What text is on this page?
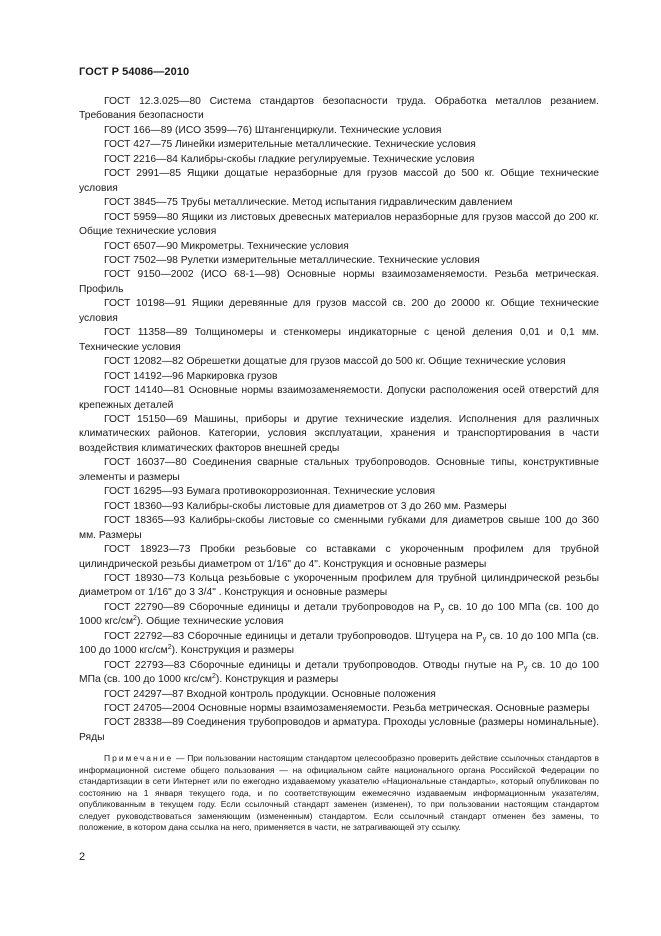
ГОСТ Р 54086—2010

ГОСТ 12.3.025—80 Система стандартов безопасности труда. Обработка металлов резанием. Требования безопасности

ГОСТ 166—89 (ИСО 3599—76) Штангенциркули. Технические условия

ГОСТ 427—75 Линейки измерительные металлические. Технические условия

ГОСТ 2216—84 Калибры-скобы гладкие регулируемые. Технические условия

ГОСТ 2991—85 Ящики дощатые неразборные для грузов массой до 500 кг. Общие технические условия

ГОСТ 3845—75 Трубы металлические. Метод испытания гидравлическим давлением

ГОСТ 5959—80 Ящики из листовых древесных материалов неразборные для грузов массой до 200 кг. Общие технические условия

ГОСТ 6507—90 Микрометры. Технические условия

ГОСТ 7502—98 Рулетки измерительные металлические. Технические условия

ГОСТ 9150—2002 (ИСО 68-1—98) Основные нормы взаимозаменяемости. Резьба метрическая. Профиль

ГОСТ 10198—91 Ящики деревянные для грузов массой св. 200 до 20000 кг. Общие технические условия

ГОСТ 11358—89 Толщиномеры и стенкомеры индикаторные с ценой деления 0,01 и 0,1 мм. Технические условия

ГОСТ 12082—82 Обрешетки дощатые для грузов массой до 500 кг. Общие технические условия

ГОСТ 14192—96 Маркировка грузов

ГОСТ 14140—81 Основные нормы взаимозаменяемости. Допуски расположения осей отверстий для крепежных деталей

ГОСТ 15150—69 Машины, приборы и другие технические изделия. Исполнения для различных климатических районов. Категории, условия эксплуатации, хранения и транспортирования в части воздействия климатических факторов внешней среды

ГОСТ 16037—80 Соединения сварные стальных трубопроводов. Основные типы, конструктивные элементы и размеры

ГОСТ 16295—93 Бумага противокоррозионная. Технические условия

ГОСТ 18360—93 Калибры-скобы листовые для диаметров от 3 до 260 мм. Размеры

ГОСТ 18365—93 Калибры-скобы листовые со сменными губками для диаметров свыше 100 до 360 мм. Размеры

ГОСТ 18923—73 Пробки резьбовые со вставками с укороченным профилем для трубной цилиндрической резьбы диаметром от 1/16" до 4". Конструкция и основные размеры

ГОСТ 18930—73 Кольца резьбовые с укороченным профилем для трубной цилиндрической резьбы диаметром от 1/16" до 3 3/4" . Конструкция и основные размеры

ГОСТ 22790—89 Сборочные единицы и детали трубопроводов на $Р_у$ св. 10 до 100 МПа (св. 100 до 1000 кгс/$см^2$). Общие технические условия

ГОСТ 22792—83 Сборочные единицы и детали трубопроводов. Штуцера на $Р_у$ св. 10 до 100 МПа (св. 100 до 1000 кгс/$см^2$). Конструкция и размеры

ГОСТ 22793—83 Сборочные единицы и детали трубопроводов. Отводы гнутые на $Р_у$ св. 10 до 100 МПа (св. 100 до 1000 кгс/$см^2$). Конструкция и размеры

ГОСТ 24297—87 Входной контроль продукции. Основные положения

ГОСТ 24705—2004 Основные нормы взаимозаменяемости. Резьба метрическая. Основные размеры

ГОСТ 28338—89 Соединения трубопроводов и арматура. Проходы условные (размеры номинальные). Ряды

Примечание — При пользовании настоящим стандартом целесообразно проверить действие ссылочных стандартов в информационной системе общего пользования — на официальном сайте национального органа Российской Федерации по стандартизации в сети Интернет или по ежегодно издаваемому указателю «Национальные стандарты», который опубликован по состоянию на 1 января текущего года, и по соответствующим ежемесячно издаваемым информационным указателям, опубликованным в текущем году. Если ссылочный стандарт заменен (изменен), то при пользовании настоящим стандартом следует руководствоваться заменяющим (измененным) стандартом. Если ссылочный стандарт отменен без замены, то положение, в котором дана ссылка на него, применяется в части, не затрагивающей эту ссылку.

2
